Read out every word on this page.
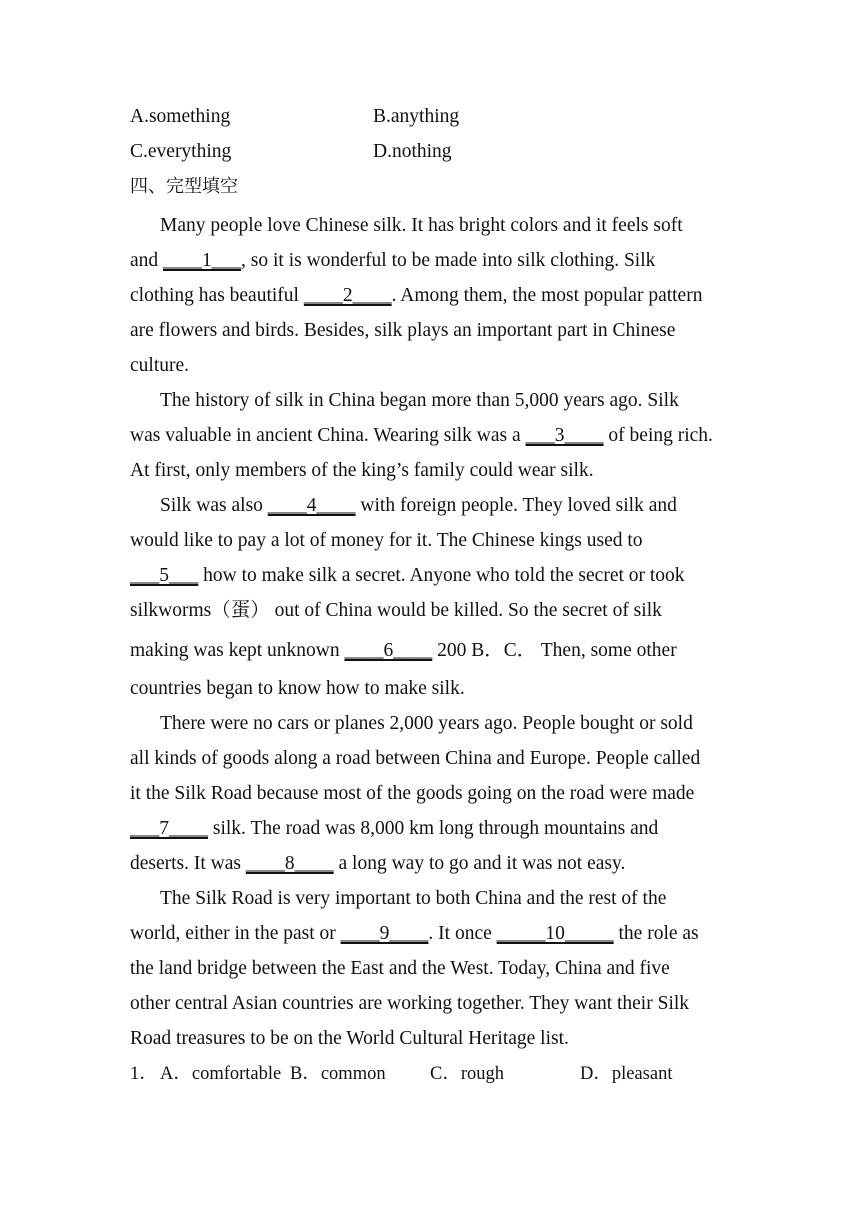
A.something	B.anything
C.everything	D.nothing
四、完型填空
Many people love Chinese silk. It has bright colors and it feels soft
and ____1___, so it is wonderful to be made into silk clothing. Silk
clothing has beautiful ____2____. Among them, the most popular pattern
are flowers and birds. Besides, silk plays an important part in Chinese
culture.
The history of silk in China began more than 5,000 years ago. Silk
was valuable in ancient China. Wearing silk was a ___3____ of being rich.
At first, only members of the king’s family could wear silk.
Silk was also ____4____ with foreign people. They loved silk and
would like to pay a lot of money for it. The Chinese kings used to
___5___ how to make silk a secret. Anyone who told the secret or took
silkworms（蛋） out of China would be killed. So the secret of silk
making was kept unknown ____6____ 200 B．C． Then, some other
countries began to know how to make silk.
There were no cars or planes 2,000 years ago. People bought or sold
all kinds of goods along a road between China and Europe. People called
it the Silk Road because most of the goods going on the road were made
___7____ silk. The road was 8,000 km long through mountains and
deserts. It was ____8____ a long way to go and it was not easy.
The Silk Road is very important to both China and the rest of the
world, either in the past or ____9____. It once _____10_____ the role as
the land bridge between the East and the West. Today, China and five
other central Asian countries are working together. They want their Silk
Road treasures to be on the World Cultural Heritage list.
1． A．comfortable B．common C．rough	D．pleasant
